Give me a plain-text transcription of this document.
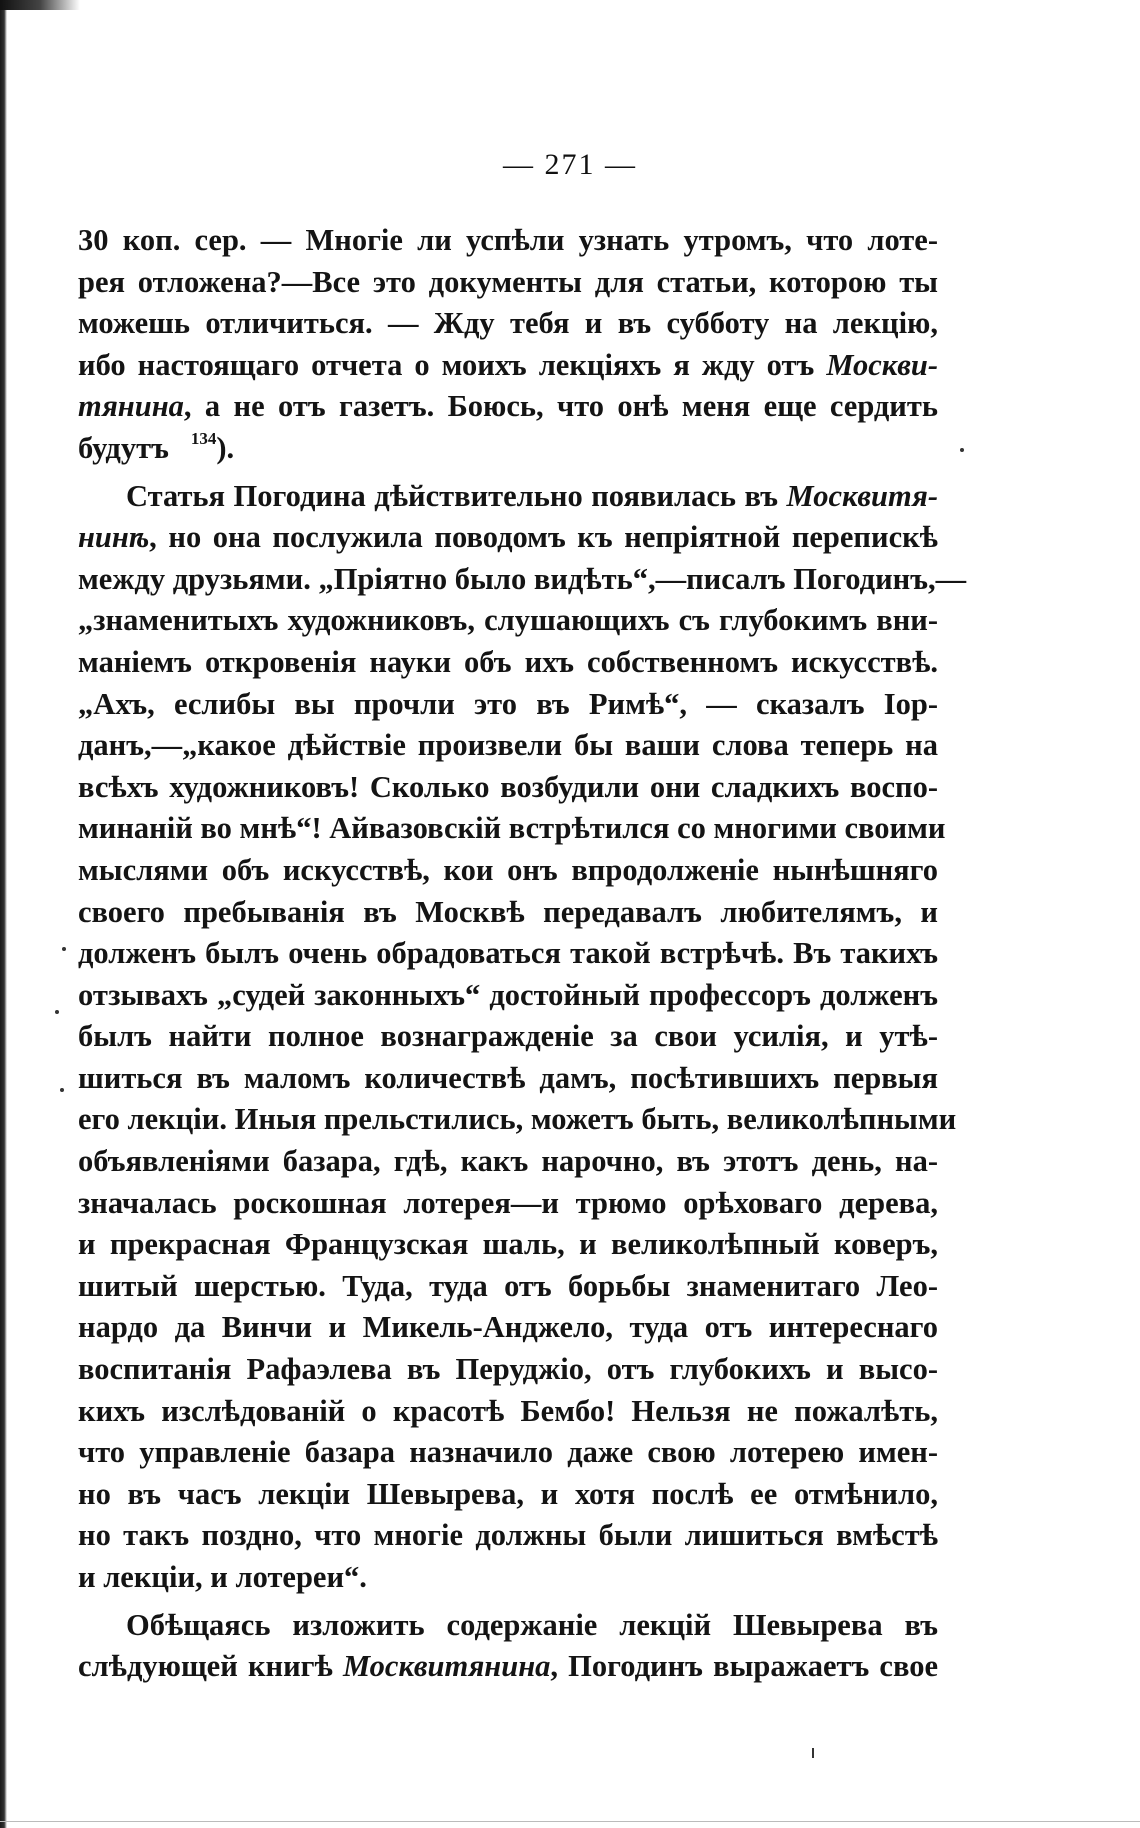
— 271 —
30 коп. сер. — Многіе ли успѣли узнать утромъ, что лоте-
рея отложена?—Все это документы для статьи, которою ты
можешь отличиться. — Жду тебя и въ субботу на лекцію,
ибо настоящаго отчета о моихъ лекціяхъ я жду отъ Москви-
тянина, а не отъ газетъ. Боюсь, что онѣ меня еще сердить
будутъ $^{134}$).
Статья Погодина дѣйствительно появилась въ Москвитя-
нинѣ, но она послужила поводомъ къ непріятной перепискѣ
между друзьями. „Пріятно было видѣть“,—писалъ Погодинъ,—
„знаменитыхъ художниковъ, слушающихъ съ глубокимъ вни-
маніемъ откровенія науки объ ихъ собственномъ искусствѣ.
„Ахъ, еслибы вы прочли это въ Римѣ“, — сказалъ Іор-
данъ,—„какое дѣйствіе произвели бы ваши слова теперь на
всѣхъ художниковъ! Сколько возбудили они сладкихъ воспо-
минаній во мнѣ“! Айвазовскій встрѣтился со многими своими
мыслями объ искусствѣ, кои онъ впродолженіе нынѣшняго
своего пребыванія въ Москвѣ передавалъ любителямъ, и
долженъ былъ очень обрадоваться такой встрѣчѣ. Въ такихъ
отзывахъ „судей законныхъ“ достойный профессоръ долженъ
былъ найти полное вознагражденіе за свои усилія, и утѣ-
шиться въ маломъ количествѣ дамъ, посѣтившихъ первыя
его лекціи. Иныя прельстились, можетъ быть, великолѣпными
объявленіями базара, гдѣ, какъ нарочно, въ этотъ день, на-
значалась роскошная лотерея—и трюмо орѣховаго дерева,
и прекрасная Французская шаль, и великолѣпный коверъ,
шитый шерстью. Туда, туда отъ борьбы знаменитаго Лео-
нардо да Винчи и Микель-Анджело, туда отъ интереснаго
воспитанія Рафаэлева въ Перуджіо, отъ глубокихъ и высо-
кихъ изслѣдованій о красотѣ Бембо! Нельзя не пожалѣть,
что управленіе базара назначило даже свою лотерею имен-
но въ часъ лекціи Шевырева, и хотя послѣ ее отмѣнило,
но такъ поздно, что многіе должны были лишиться вмѣстѣ
и лекціи, и лотереи“.
Обѣщаясь изложить содержаніе лекцій Шевырева въ
слѣдующей книгѣ Москвитянина, Погодинъ выражаетъ свое
